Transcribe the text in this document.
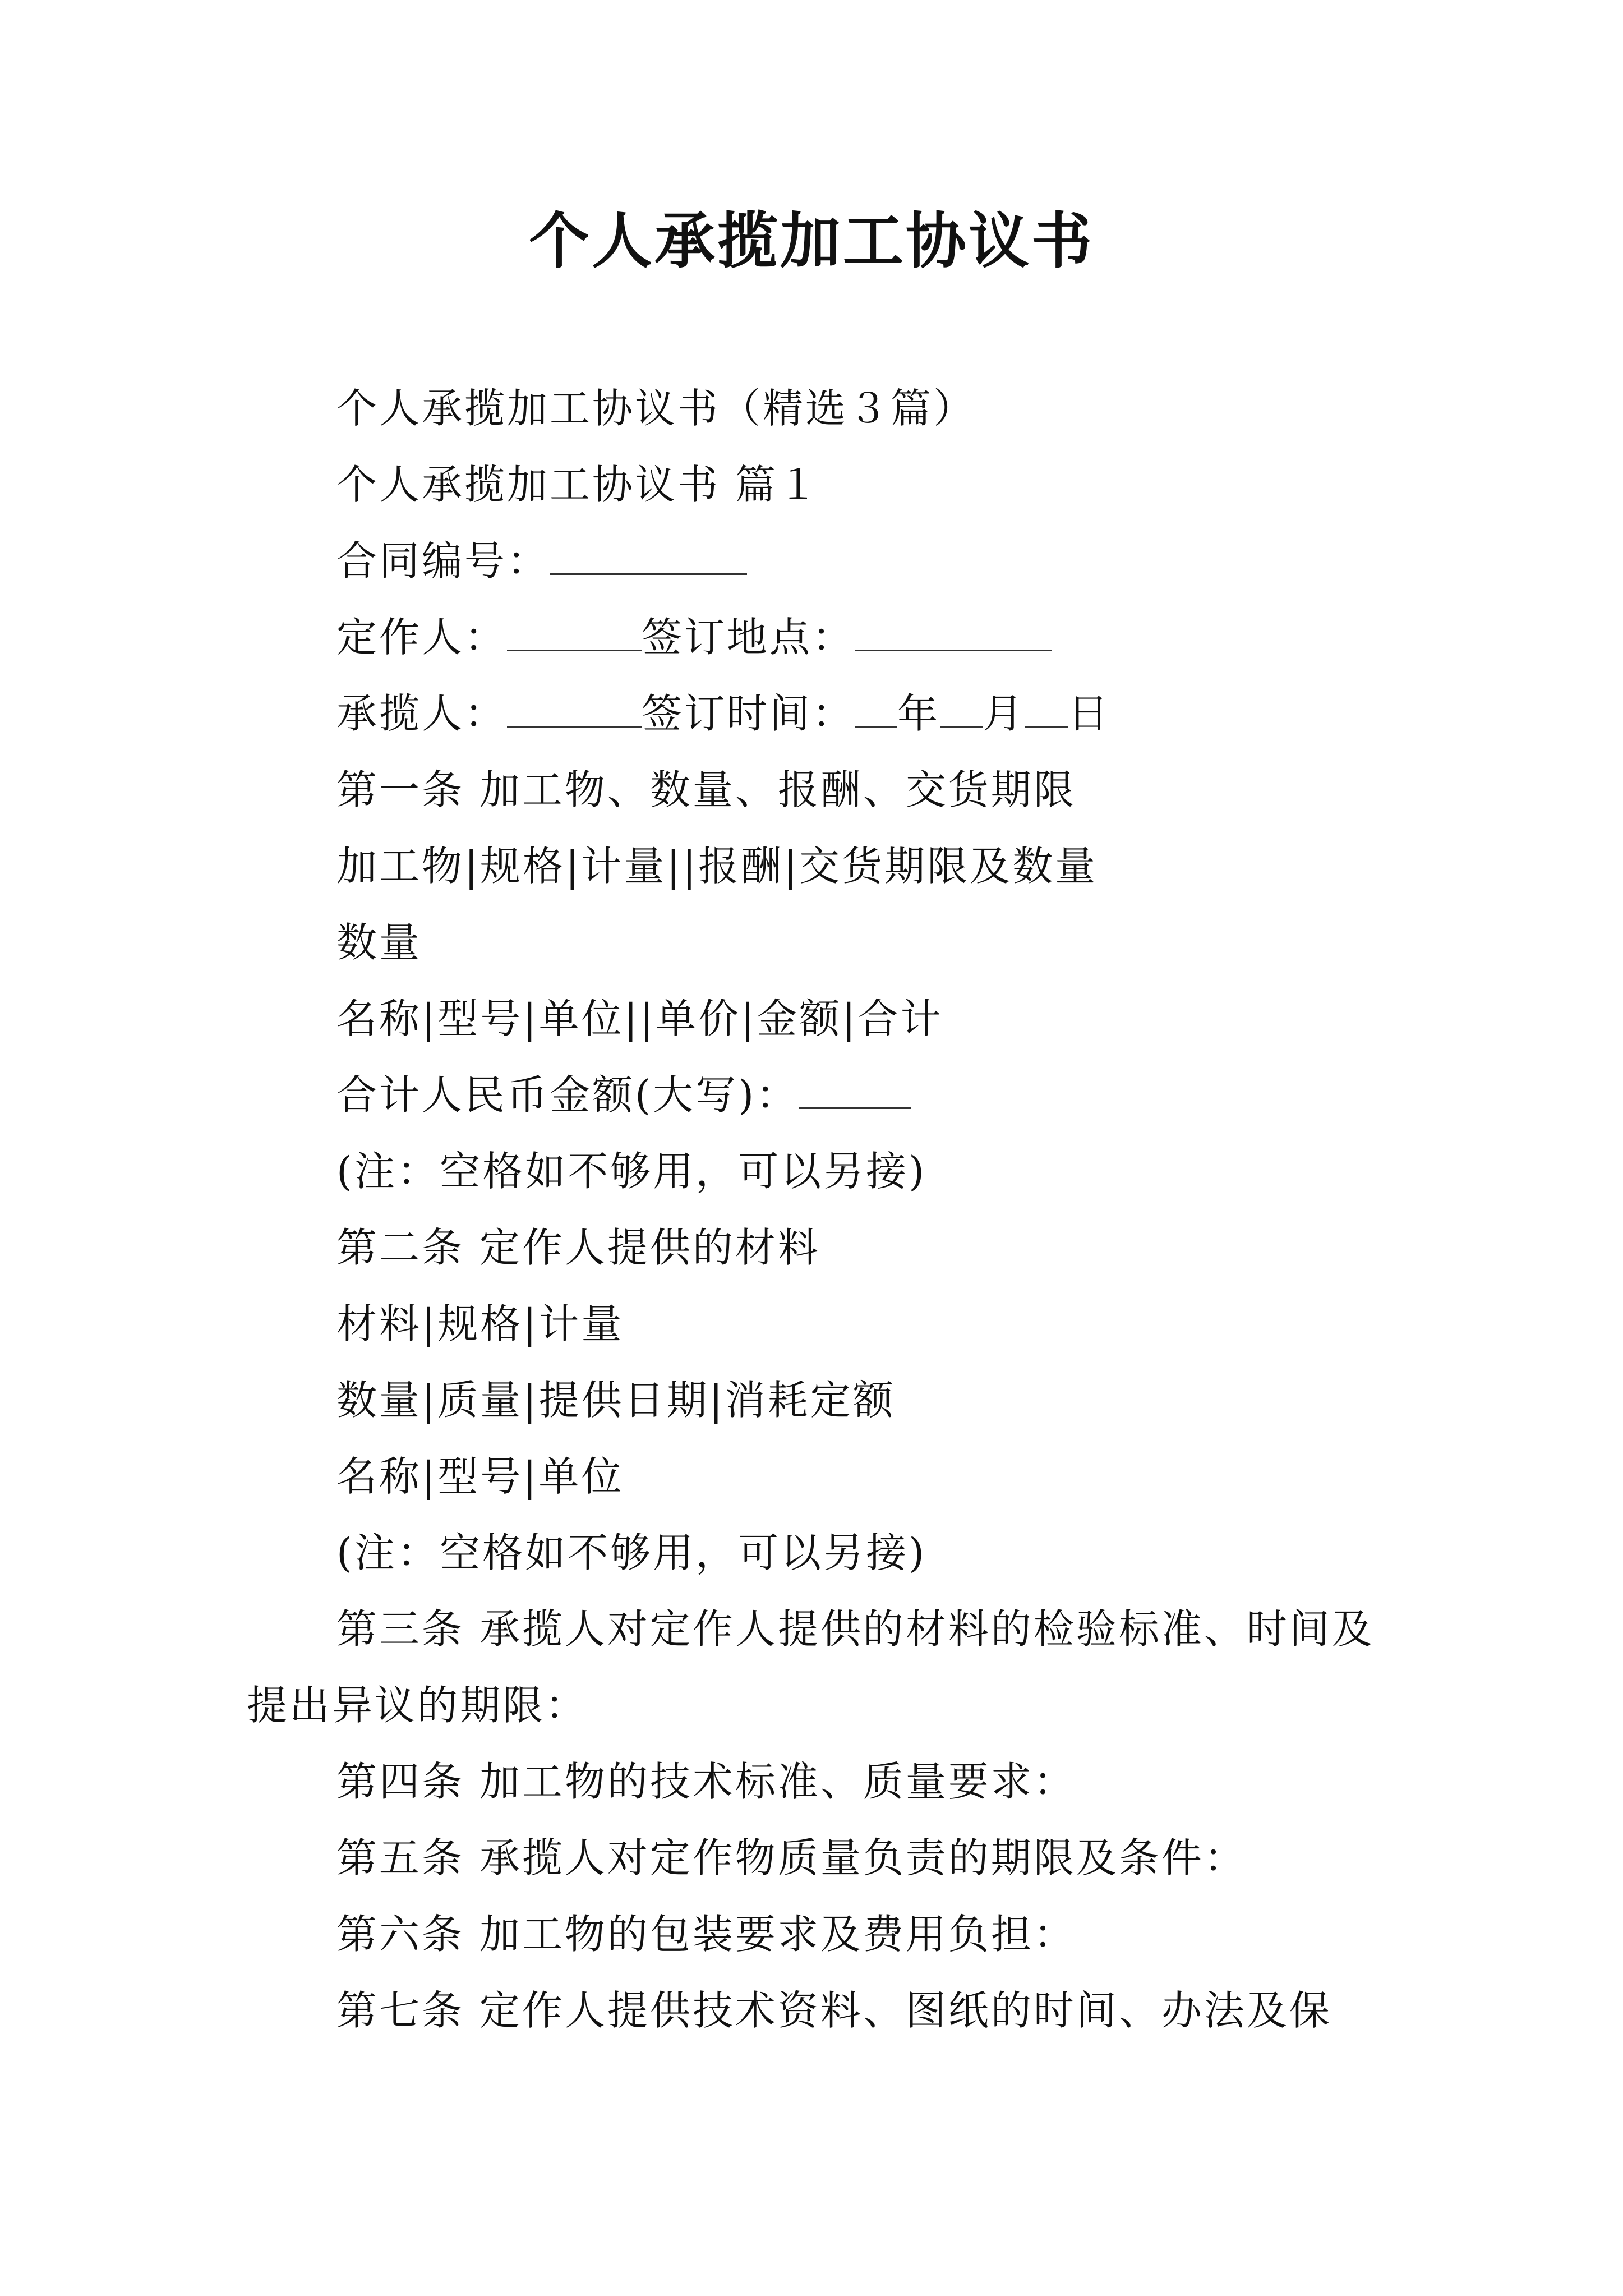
个人承揽加工协议书
个人承揽加工协议书（精选３篇）
个人承揽加工协议书 篇１
合同编号：
定作人：	签订地点：
承揽人：	签订时间： 年 月 日
第一条 加工物、数量、报酬、交货期限
加工物|规格|计量||报酬|交货期限及数量
数量
名称|型号|单位||单价|金额|合计
合计人民币金额(大写)：
(注：空格如不够用，可以另接)
第二条 定作人提供的材料
材料|规格|计量
数量|质量|提供日期|消耗定额
名称|型号|单位
(注：空格如不够用，可以另接)
第三条 承揽人对定作人提供的材料的检验标准、时间及提出异议的期限：
第四条 加工物的技术标准、质量要求：
第五条 承揽人对定作物质量负责的期限及条件：
第六条 加工物的包装要求及费用负担：
第七条 定作人提供技术资料、图纸的时间、办法及保
